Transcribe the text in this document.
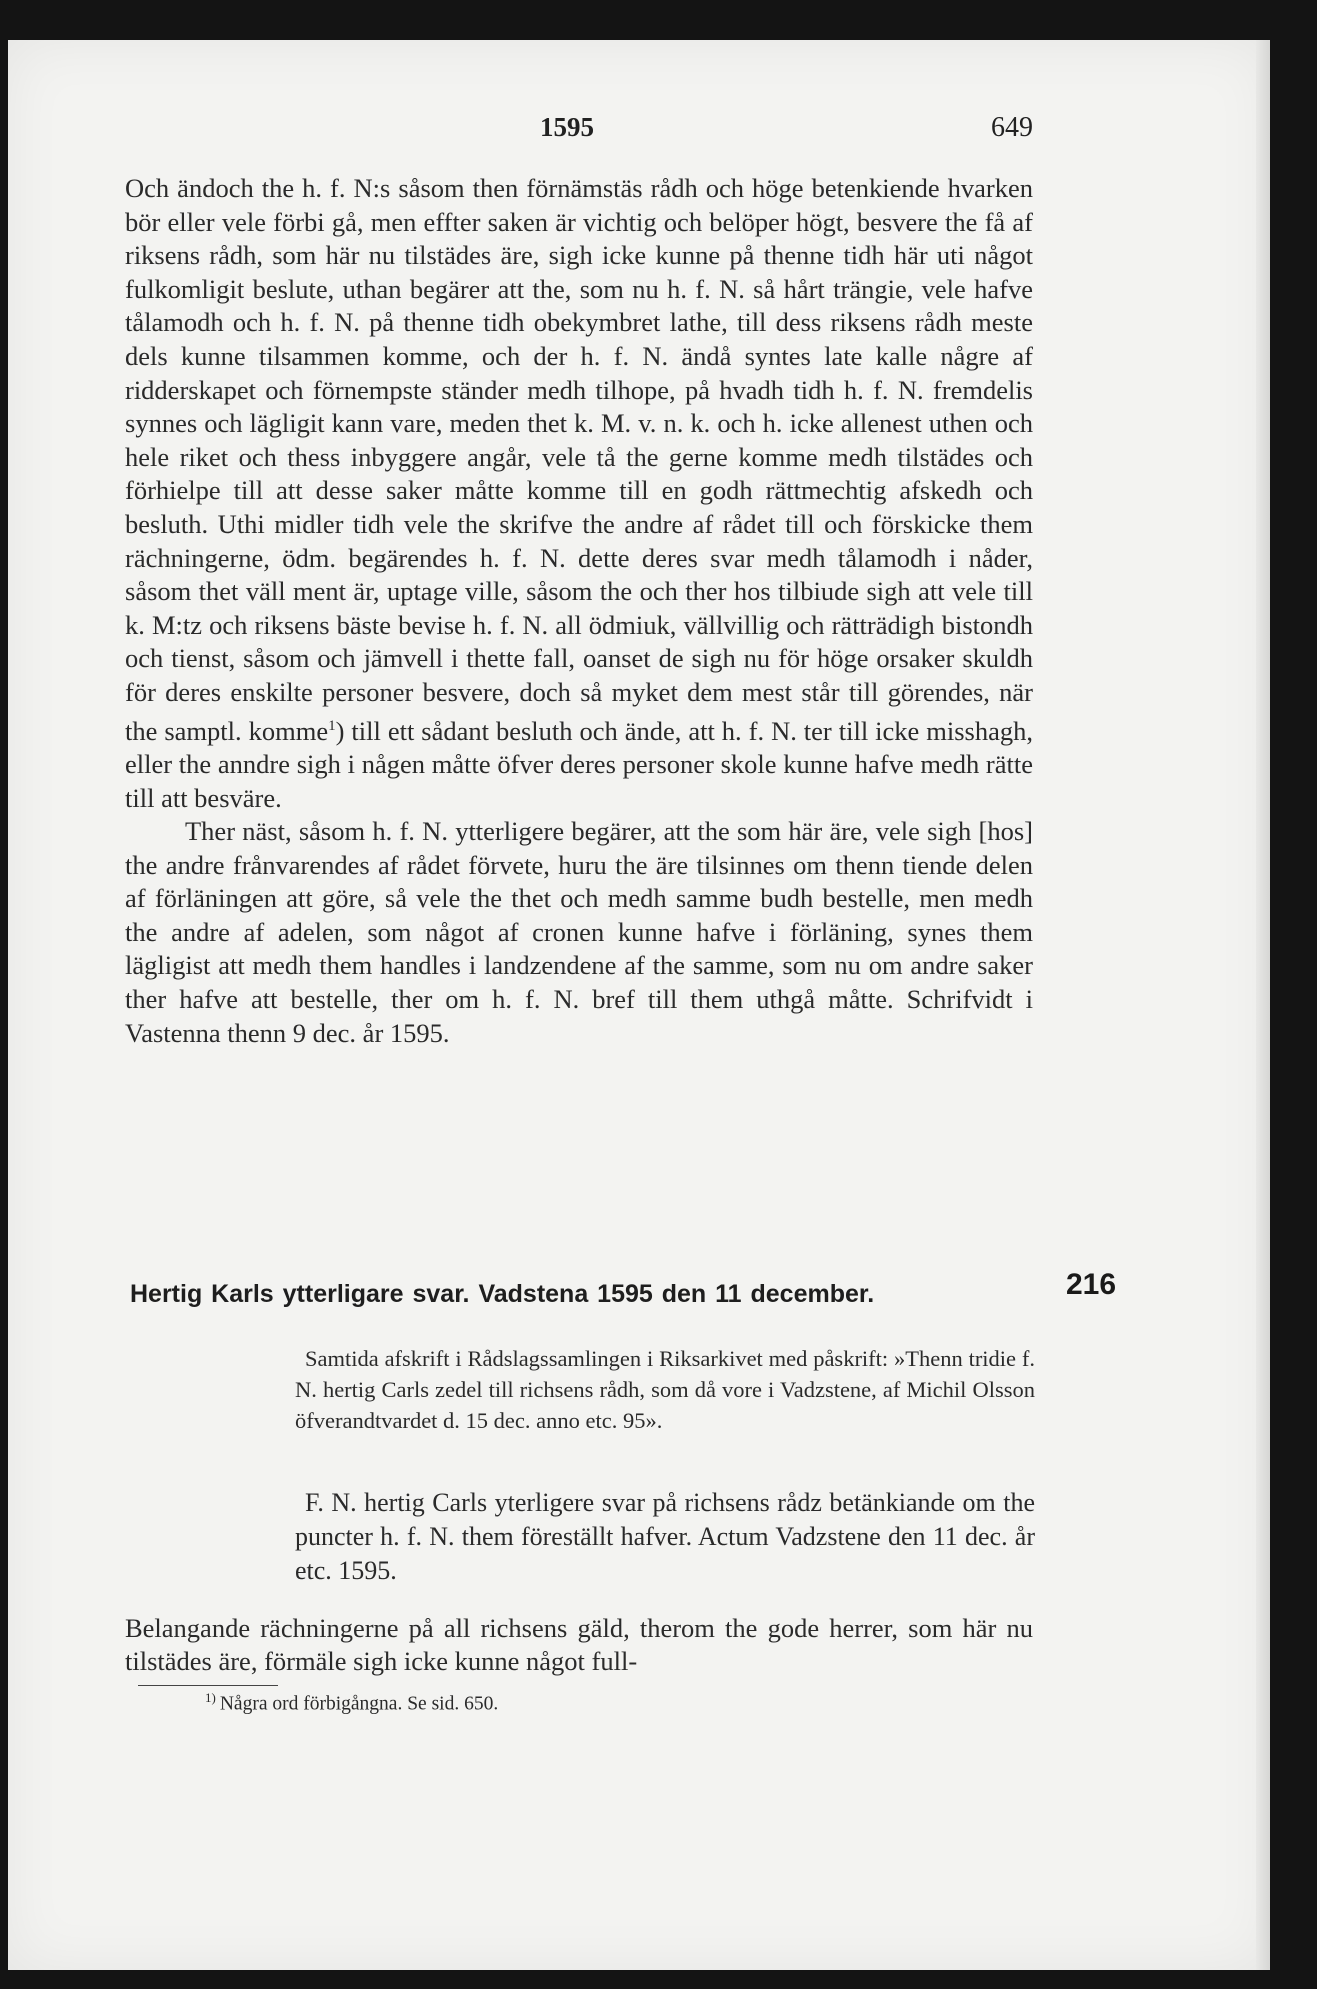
1595	649

Och ändoch the h. f. N:s såsom then förnämstäs rådh och höge betenkiende hvarken bör eller vele förbi gå, men effter saken är vichtig och belöper högt, besvere the få af riksens rådh, som här nu tilstädes äre, sigh icke kunne på thenne tidh här uti något fulkomligit beslute, uthan begärer att the, som nu h. f. N. så hårt trängie, vele hafve tålamodh och h. f. N. på thenne tidh obekymbret lathe, till dess riksens rådh meste dels kunne tilsammen komme, och der h. f. N. ändå syntes late kalle någre af ridderskapet och förnempste ständer medh tilhope, på hvadh tidh h. f. N. fremdelis synnes och lägligit kann vare, meden thet k. M. v. n. k. och h. icke allenest uthen och hele riket och thess inbyggere angår, vele tå the gerne komme medh tilstädes och förhielpe till att desse saker måtte komme till en godh rättmechtig afskedh och besluth. Uthi midler tidh vele the skrifve the andre af rådet till och förskicke them rächningerne, ödm. begärendes h. f. N. dette deres svar medh tålamodh i nåder, såsom thet väll ment är, uptage ville, såsom the och ther hos tilbiude sigh att vele till k. M:tz och riksens bäste bevise h. f. N. all ödmiuk, vällvillig och rätträdigh bistondh och tienst, såsom och jämvell i thette fall, oanset de sigh nu för höge orsaker skuldh för deres enskilte personer besvere, doch så myket dem mest står till görendes, när the samptl. komme$^1$) till ett sådant besluth och ände, att h. f. N. ter till icke misshagh, eller the anndre sigh i någen måtte öfver deres personer skole kunne hafve medh rätte till att besväre.

Ther näst, såsom h. f. N. ytterligere begärer, att the som här äre, vele sigh [hos] the andre frånvarendes af rådet förvete, huru the äre tilsinnes om thenn tiende delen af förläningen att göre, så vele the thet och medh samme budh bestelle, men medh the andre af adelen, som något af cronen kunne hafve i förläning, synes them lägligist att medh them handles i landzendene af the samme, som nu om andre saker ther hafve att bestelle, ther om h. f. N. bref till them uthgå måtte. Schrifvidt i Vastenna thenn 9 dec. år 1595.

Hertig Karls ytterligare svar. Vadstena 1595 den 11 december.	216
Samtida afskrift i Rådslagssamlingen i Riksarkivet med påskrift: »Thenn tridie f. N. hertig Carls zedel till richsens rådh, som då vore i Vadzstene, af Michil Olsson öfverandtvardet d. 15 dec. anno etc. 95».
F. N. hertig Carls yterligere svar på richsens rådz betänkiande om the puncter h. f. N. them föreställt hafver. Actum Vadzstene den 11 dec. år etc. 1595.
Belangande rächningerne på all richsens gäld, therom the gode herrer, som här nu tilstädes äre, förmäle sigh icke kunne något full-
$^{1)}$ Några ord förbigångna. Se sid. 650.
